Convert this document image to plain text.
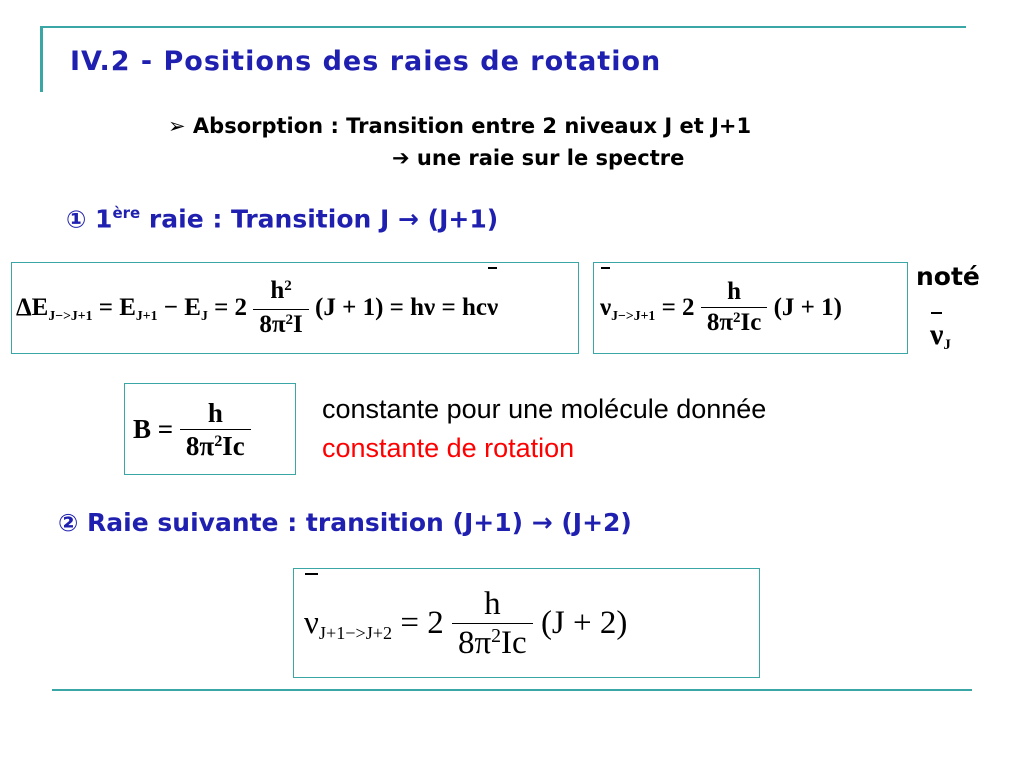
IV.2 - Positions des raies de rotation
➢ Absorption : Transition entre 2 niveaux J et J+1
➔ une raie sur le spectre
① 1ère raie : Transition J → (J+1)
ΔEJ−>J+1 = EJ+1 − EJ = $2 \frac{h^2}{8\pi^2I} (J + 1) = h\nu = hc\nu$	$\nu J->J+1 = 2 \frac{h}{8\pi^2Ic} (J + 1)$
noté
νJ
$B = \frac{h}{8\pi^2Ic}$	constante pour une molécule donnée
constante de rotation
② Raie suivante : transition (J+1) → (J+2)
$\nu J+1->J+2 = 2 \frac{h}{8\pi^2Ic} (J + 2)$
